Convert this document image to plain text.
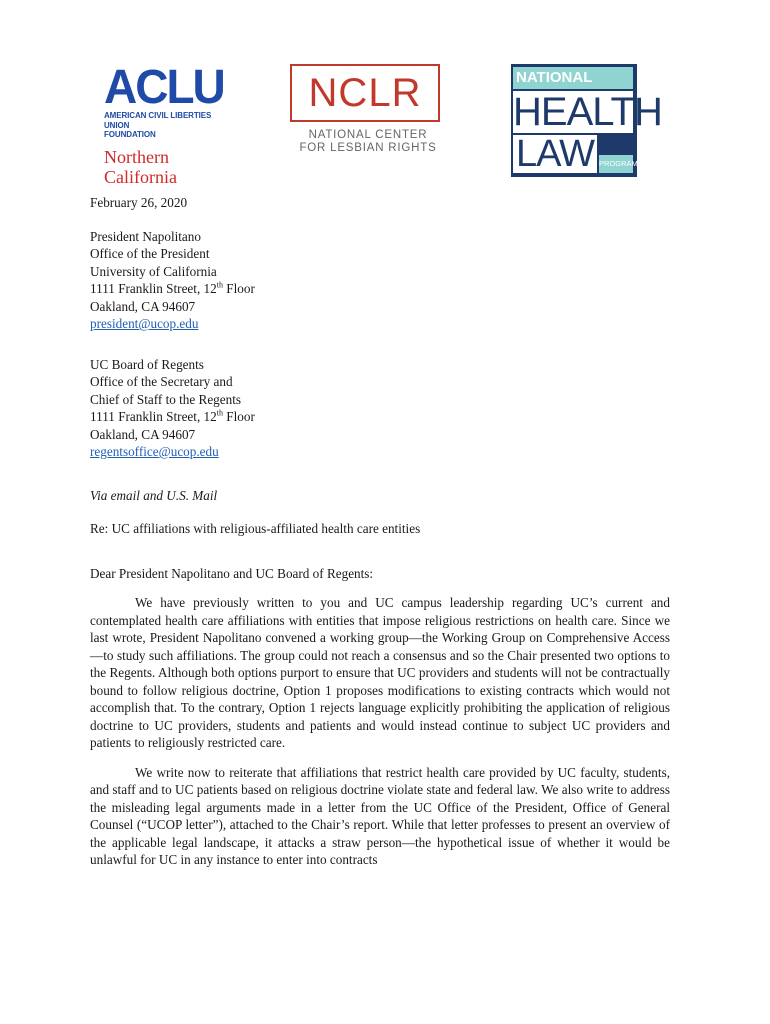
ACLU
AMERICAN CIVIL LIBERTIES UNION
FOUNDATION
Northern
California
NCLR
NATIONAL CENTER
FOR LESBIAN RIGHTS
NATIONAL
HEALTH
LAW PROGRAM
February 26, 2020
President Napolitano
Office of the President
University of California
1111 Franklin Street, 12th Floor
Oakland, CA 94607
president@ucop.edu
UC Board of Regents
Office of the Secretary and
Chief of Staff to the Regents
1111 Franklin Street, 12th Floor
Oakland, CA 94607
regentsoffice@ucop.edu
Via email and U.S. Mail
Re: UC affiliations with religious-affiliated health care entities
Dear President Napolitano and UC Board of Regents:
We have previously written to you and UC campus leadership regarding UC’s current and contemplated health care affiliations with entities that impose religious restrictions on health care. Since we last wrote, President Napolitano convened a working group—the Working Group on Comprehensive Access—to study such affiliations. The group could not reach a consensus and so the Chair presented two options to the Regents. Although both options purport to ensure that UC providers and students will not be contractually bound to follow religious doctrine, Option 1 proposes modifications to existing contracts which would not accomplish that. To the contrary, Option 1 rejects language explicitly prohibiting the application of religious doctrine to UC providers, students and patients and would instead continue to subject UC providers and patients to religiously restricted care.
We write now to reiterate that affiliations that restrict health care provided by UC faculty, students, and staff and to UC patients based on religious doctrine violate state and federal law. We also write to address the misleading legal arguments made in a letter from the UC Office of the President, Office of General Counsel (“UCOP letter”), attached to the Chair’s report. While that letter professes to present an overview of the applicable legal landscape, it attacks a straw person—the hypothetical issue of whether it would be unlawful for UC in any instance to enter into contracts
